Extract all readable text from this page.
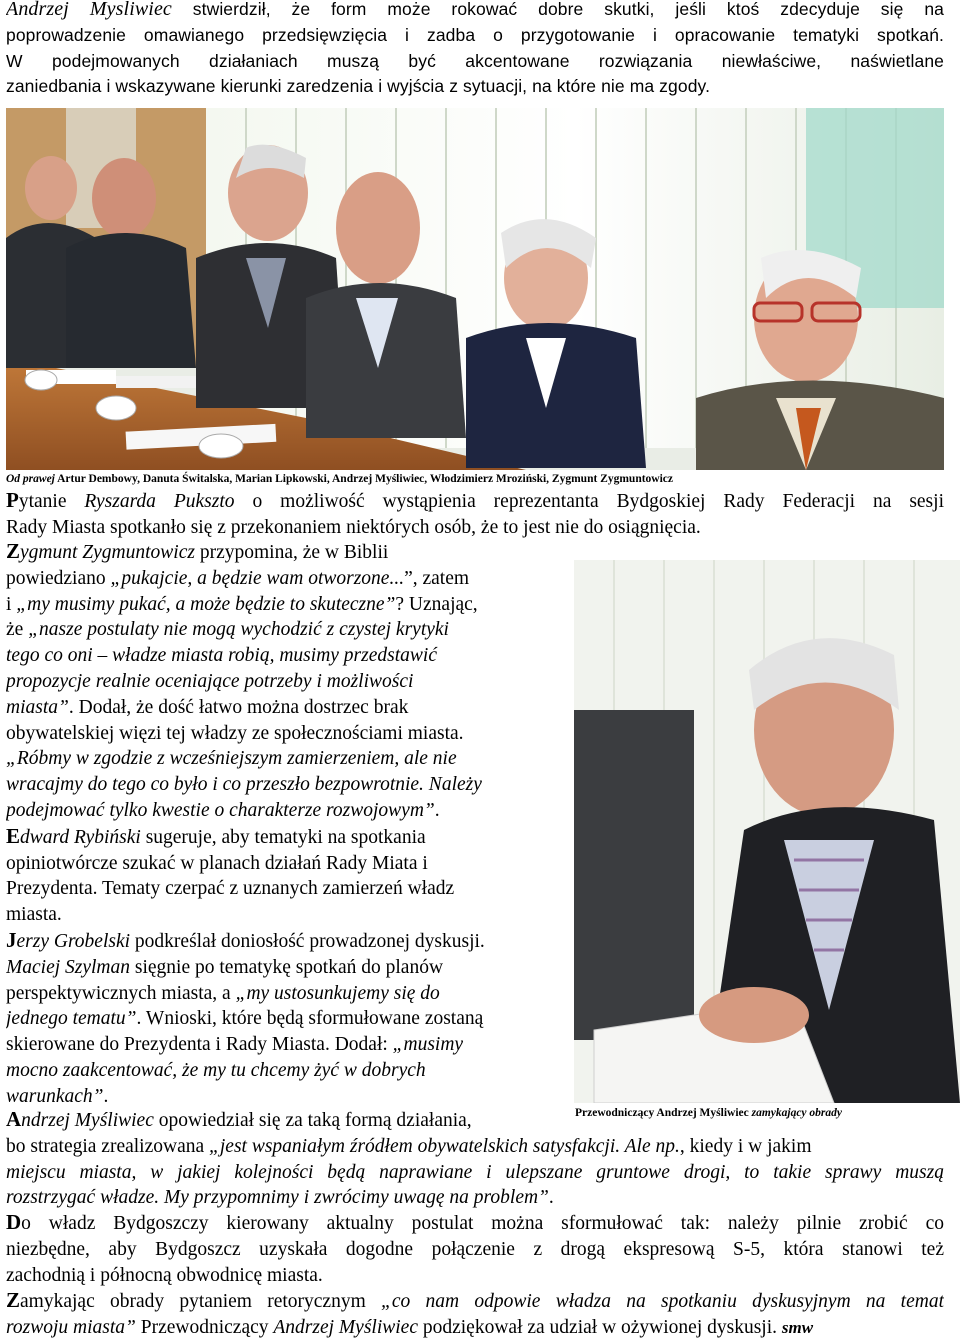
Andrzej Mysliwiec stwierdził, że form może rokować dobre skutki, jeśli ktoś zdecyduje się na
poprowadzenie omawianego przedsięwzięcia i zadba o przygotowanie i opracowanie tematyki spotkań.
W podejmowanych działaniach muszą być akcentowane rozwiązania niewłaściwe, naświetlane
zaniedbania i wskazywane kierunki zaredzenia i wyjścia z sytuacji, na które nie ma zgody.
Od prawej Artur Dembowy, Danuta Świtalska, Marian Lipkowski, Andrzej Myśliwiec, Włodzimierz Mroziński, Zygmunt Zygmuntowicz
Pytanie Ryszarda Pukszto o możliwość wystąpienia reprezentanta Bydgoskiej Rady Federacji na sesji
Rady Miasta spotkanło się z przekonaniem niektórych osób, że to jest nie do osiągnięcia.
Zygmunt Zygmuntowicz przypomina, że w Biblii
powiedziano „pukajcie, a będzie wam otworzone...”, zatem
i „my musimy pukać, a może będzie to skuteczne”? Uznając,
że „nasze postulaty nie mogą wychodzić z czystej krytyki
tego co oni – władze miasta robią, musimy przedstawić
propozycje realnie oceniające potrzeby i możliwości
miasta”. Dodał, że dość łatwo można dostrzec brak
obywatelskiej więzi tej władzy ze społecznościami miasta.
„Róbmy w zgodzie z wcześniejszym zamierzeniem, ale nie
wracajmy do tego co było i co przeszło bezpowrotnie. Należy
podejmować tylko kwestie o charakterze rozwojowym”.
Edward Rybiński sugeruje, aby tematyki na spotkania
opiniotwórcze szukać w planach działań Rady Miata i
Prezydenta. Tematy czerpać z uznanych zamierzeń władz
miasta.
Jerzy Grobelski podkreślał doniosłość prowadzonej dyskusji.
Maciej Szylman sięgnie po tematykę spotkań do planów
perspektywicznych miasta, a „my ustosunkujemy się do
jednego tematu”. Wnioski, które będą sformułowane zostaną
skierowane do Prezydenta i Rady Miasta. Dodał: „musimy
mocno zaakcentować, że my tu chcemy żyć w dobrych
warunkach”.
Przewodniczący Andrzej Myśliwiec zamykający obrady
Andrzej Myśliwiec opowiedział się za taką formą działania,
bo strategia zrealizowana „jest wspaniałym źródłem obywatelskich satysfakcji. Ale np., kiedy i w jakim
miejscu miasta, w jakiej kolejności będą naprawiane i ulepszane gruntowe drogi, to takie sprawy muszą
rozstrzygać władze. My przypomnimy i zwrócimy uwagę na problem”.
Do władz Bydgoszczy kierowany aktualny postulat można sformułować tak: należy pilnie zrobić co
niezbędne, aby Bydgoszcz uzyskała dogodne połączenie z drogą ekspresową S-5, która stanowi też
zachodnią i północną obwodnicę miasta.
Zamykając obrady pytaniem retorycznym „co nam odpowie władza na spotkaniu dyskusyjnym na temat
rozwoju miasta” Przewodniczący Andrzej Myśliwiec podziękował za udział w ożywionej dyskusji. smw
